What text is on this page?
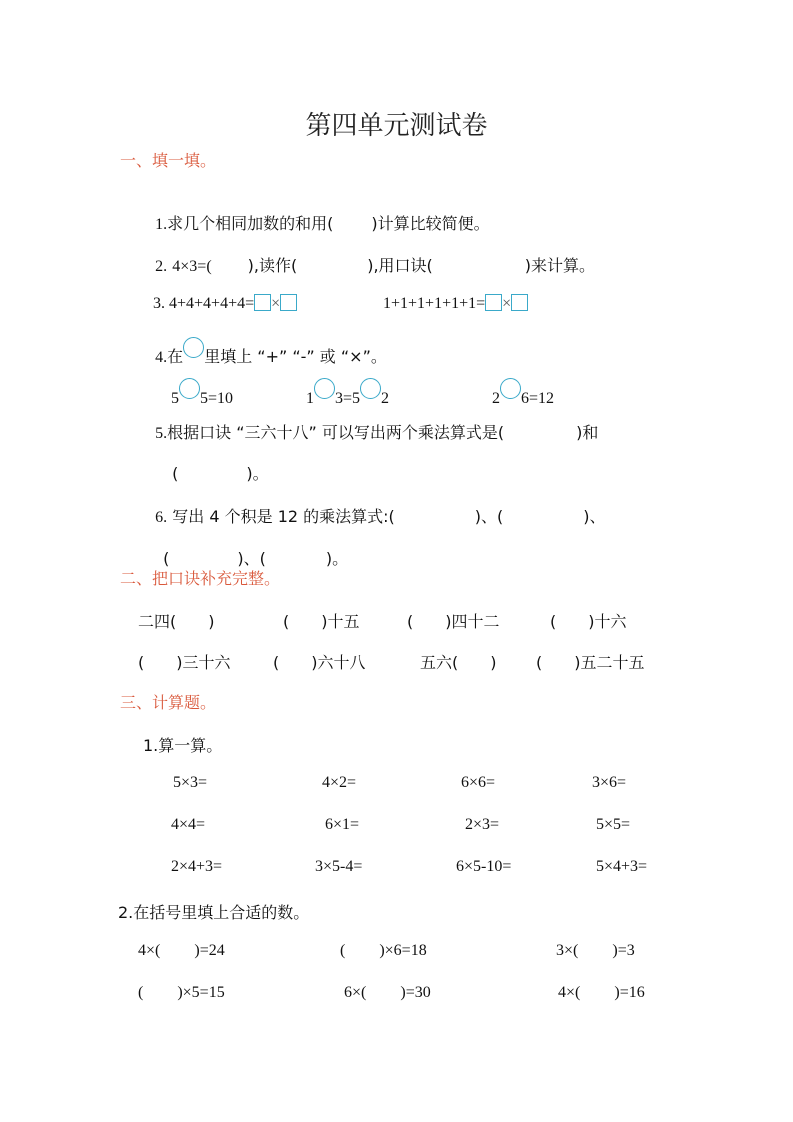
第四单元测试卷
一、填一填。

1.求几个相同加数的和用( )计算比较简便。

2. 4×3=( ),读作(	),用口诀(	)来计算。

3. 4+4+4+4+4= ×	1+1+1+1+1+1= ×

4.在 里填上 “+” “-” 或 “×”。

5 5=10	1 3=5 2	2 6=12

5.根据口诀 “三六十八” 可以写出两个乘法算式是(	)和

(	)。

6. 写出 4 个积是 12 的乘法算式:(	)、(	)、

(	)、(	)。

二、把口诀补充完整。
二四( )	( )十五	( )四十二	( )十六
( )三十六	( )六十八	五六( ) ( )五二十五
三、计算题。
1.算一算。
5×3=	4×2=	6×6=	3×6=
4×4=	6×1=	2×3=	5×5=
2×4+3=	3×5-4=	6×5-10=	5×4+3=
2.在括号里填上合适的数。
4×( )=24	( )×6=18	3×( )=3
( )×5=15	6×( )=30	4×( )=16
